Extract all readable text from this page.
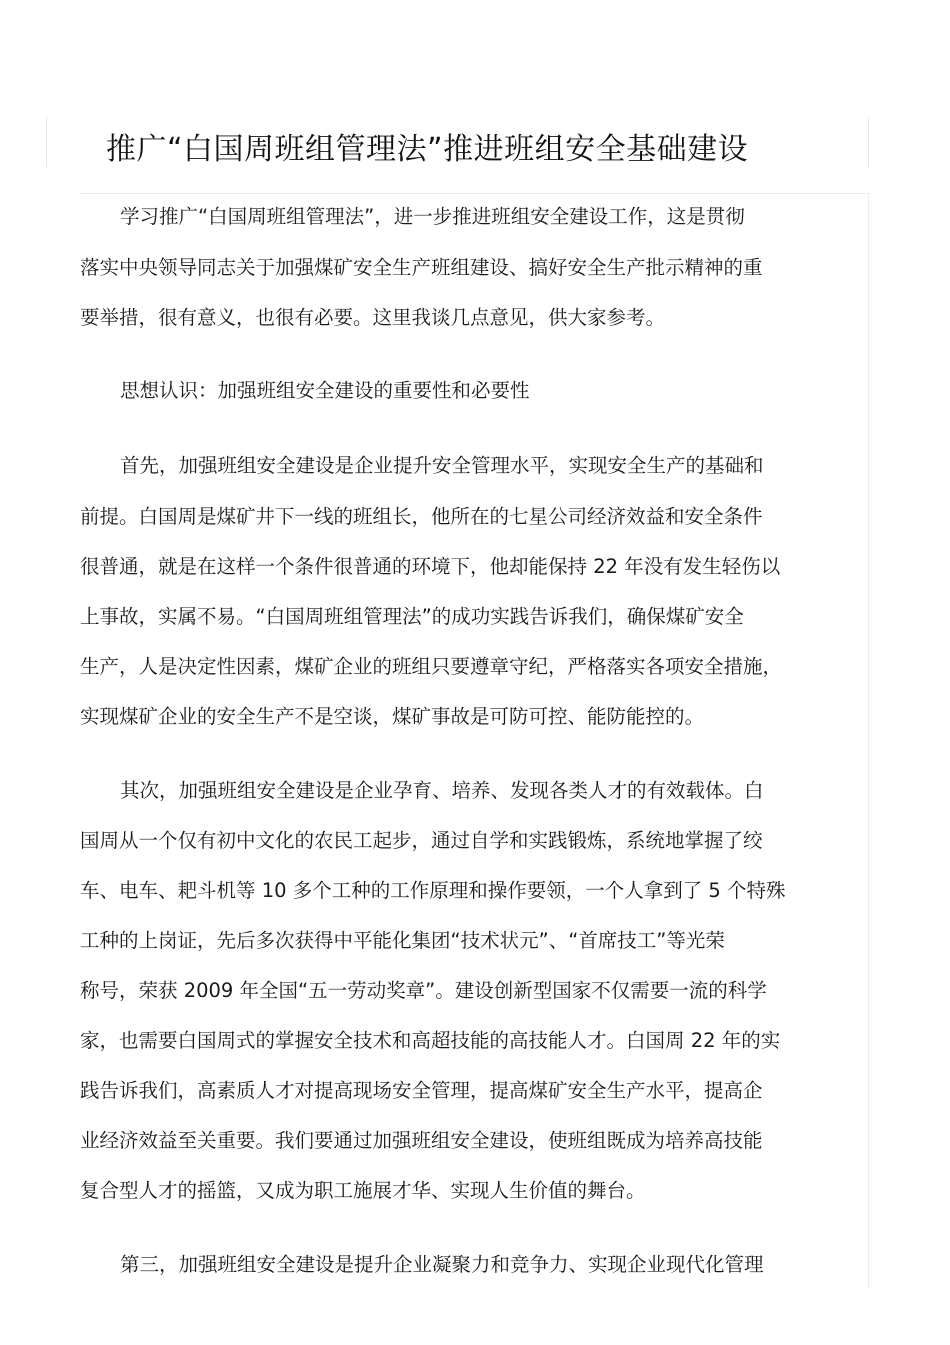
推广“白国周班组管理法”推进班组安全基础建设

学习推广“白国周班组管理法”，进一步推进班组安全建设工作，这是贯彻

落实中央领导同志关于加强煤矿安全生产班组建设、搞好安全生产批示精神的重

要举措，很有意义，也很有必要。这里我谈几点意见，供大家参考。

思想认识：加强班组安全建设的重要性和必要性

首先，加强班组安全建设是企业提升安全管理水平，实现安全生产的基础和

前提。白国周是煤矿井下一线的班组长，他所在的七星公司经济效益和安全条件

很普通，就是在这样一个条件很普通的环境下，他却能保持 22 年没有发生轻伤以

上事故，实属不易。“白国周班组管理法”的成功实践告诉我们，确保煤矿安全

生产，人是决定性因素，煤矿企业的班组只要遵章守纪，严格落实各项安全措施，

实现煤矿企业的安全生产不是空谈，煤矿事故是可防可控、能防能控的。

其次，加强班组安全建设是企业孕育、培养、发现各类人才的有效载体。白

国周从一个仅有初中文化的农民工起步，通过自学和实践锻炼，系统地掌握了绞

车、电车、耙斗机等 10 多个工种的工作原理和操作要领，一个人拿到了 5 个特殊

工种的上岗证，先后多次获得中平能化集团“技术状元”、“首席技工”等光荣

称号，荣获 2009 年全国“五一劳动奖章”。建设创新型国家不仅需要一流的科学

家，也需要白国周式的掌握安全技术和高超技能的高技能人才。白国周 22 年的实

践告诉我们，高素质人才对提高现场安全管理，提高煤矿安全生产水平，提高企

业经济效益至关重要。我们要通过加强班组安全建设，使班组既成为培养高技能

复合型人才的摇篮，又成为职工施展才华、实现人生价值的舞台。

第三，加强班组安全建设是提升企业凝聚力和竞争力、实现企业现代化管理
